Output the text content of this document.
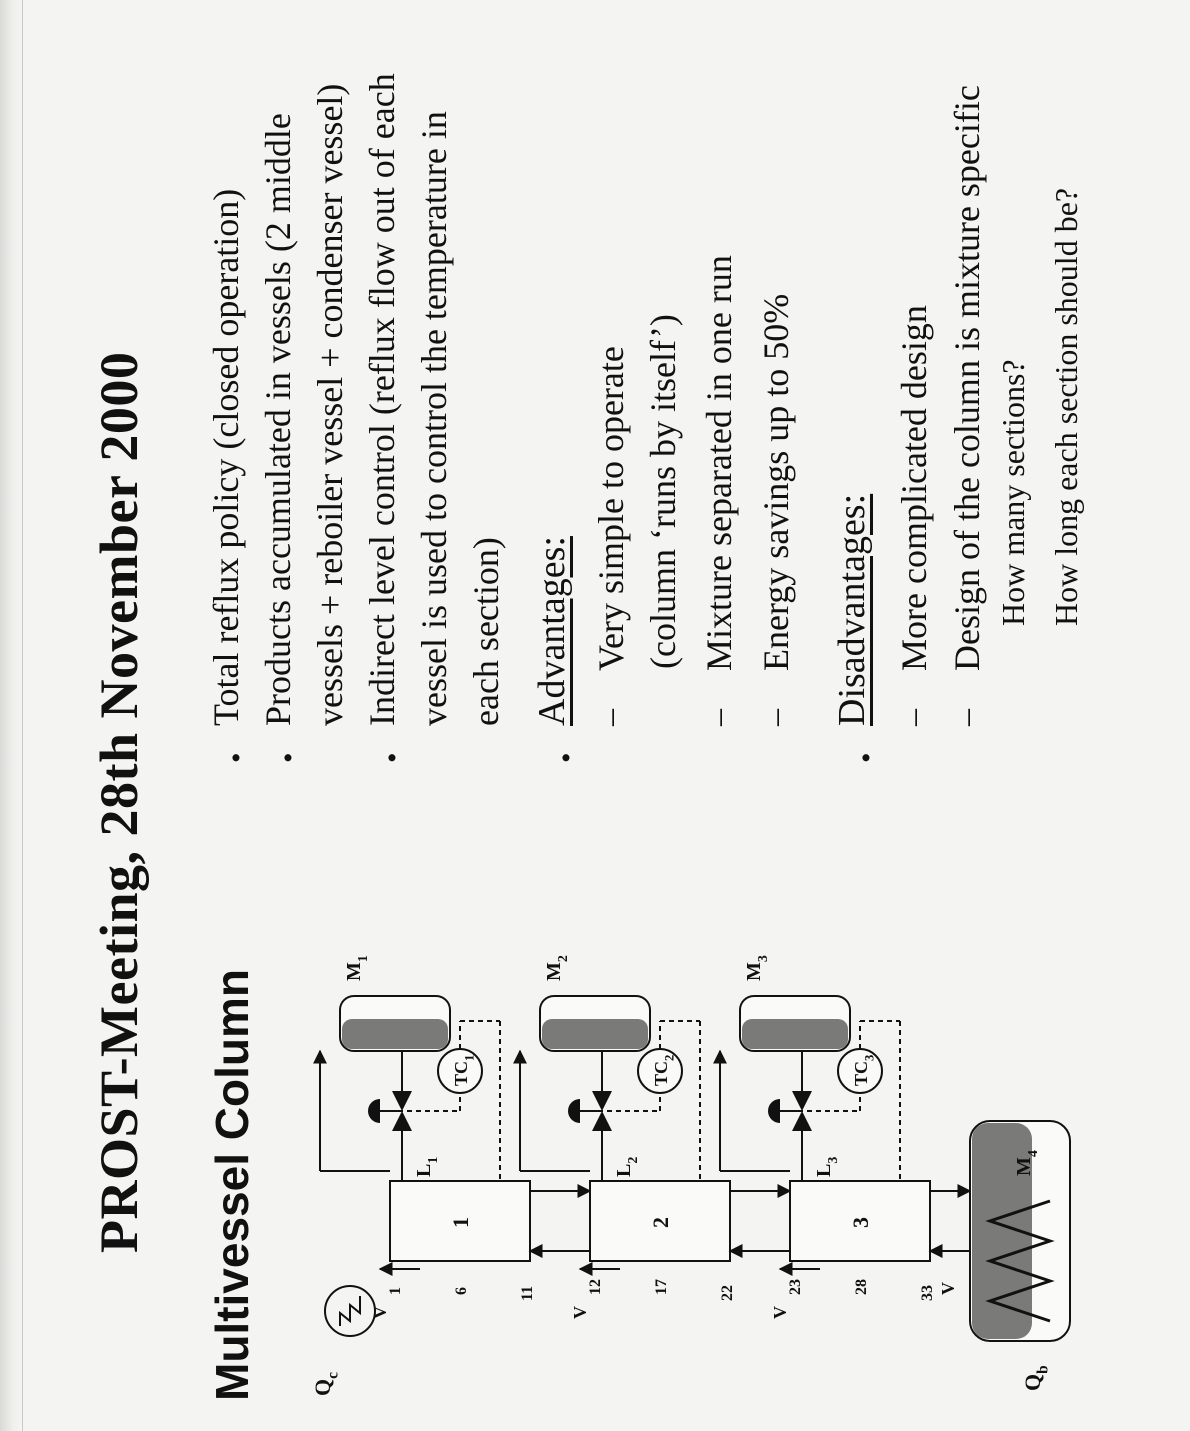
PROST-Meeting, 28th November 2000 Multivessel Column $Q_c$
1
1	6	11
V
$L_1$
$M_1$
$TC_1$
2
12	17	22
V
$L_2$
$M_2$
$TC_2$
3
23	28	33
V
$L_3$
$M_3$
$TC_3$
V
$Q_b$
$M_4$
•
Total reflux policy (closed operation)
•
Products accumulated in vessels (2 middle vessels + reboiler vessel + condenser vessel)
•
Indirect level control (reflux flow out of each vessel is used to control the temperature in each section)
•
Advantages: –
Very simple to operate (column ‘runs by itself’)
–
Mixture separated in one run
–
Energy savings up to 50%
•
Disadvantages: –
More complicated design
–
Design of the column is mixture specific How many sections? How long each section should be?
